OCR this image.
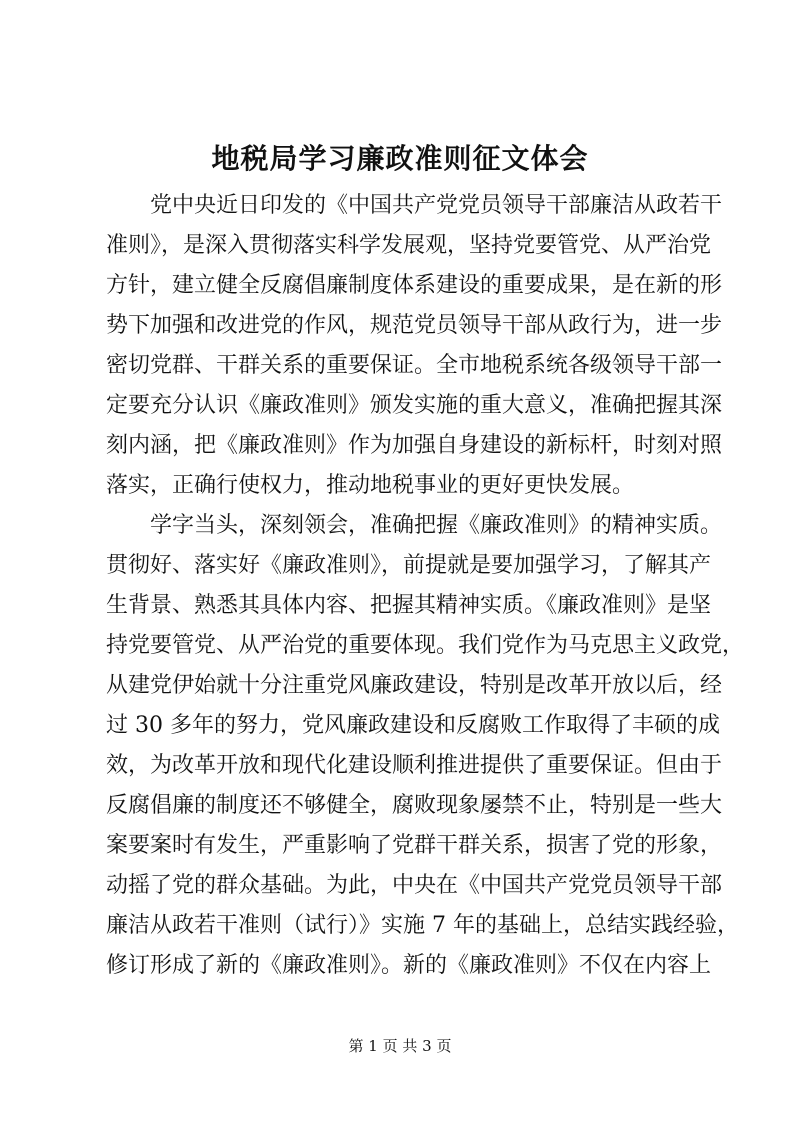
地税局学习廉政准则征文体会
党中央近日印发的《中国共产党党员领导干部廉洁从政若干
准则》，是深入贯彻落实科学发展观，坚持党要管党、从严治党
方针，建立健全反腐倡廉制度体系建设的重要成果，是在新的形
势下加强和改进党的作风，规范党员领导干部从政行为，进一步
密切党群、干群关系的重要保证。全市地税系统各级领导干部一
定要充分认识《廉政准则》颁发实施的重大意义，准确把握其深
刻内涵，把《廉政准则》作为加强自身建设的新标杆，时刻对照
落实，正确行使权力，推动地税事业的更好更快发展。
学字当头，深刻领会，准确把握《廉政准则》的精神实质。
贯彻好、落实好《廉政准则》，前提就是要加强学习，了解其产
生背景、熟悉其具体内容、把握其精神实质。《廉政准则》是坚
持党要管党、从严治党的重要体现。我们党作为马克思主义政党，
从建党伊始就十分注重党风廉政建设，特别是改革开放以后，经
过 30 多年的努力，党风廉政建设和反腐败工作取得了丰硕的成
效，为改革开放和现代化建设顺利推进提供了重要保证。但由于
反腐倡廉的制度还不够健全，腐败现象屡禁不止，特别是一些大
案要案时有发生，严重影响了党群干群关系，损害了党的形象，
动摇了党的群众基础。为此，中央在《中国共产党党员领导干部
廉洁从政若干准则（试行）》实施 7 年的基础上，总结实践经验，
修订形成了新的《廉政准则》。新的《廉政准则》不仅在内容上
第 1 页 共 3 页
